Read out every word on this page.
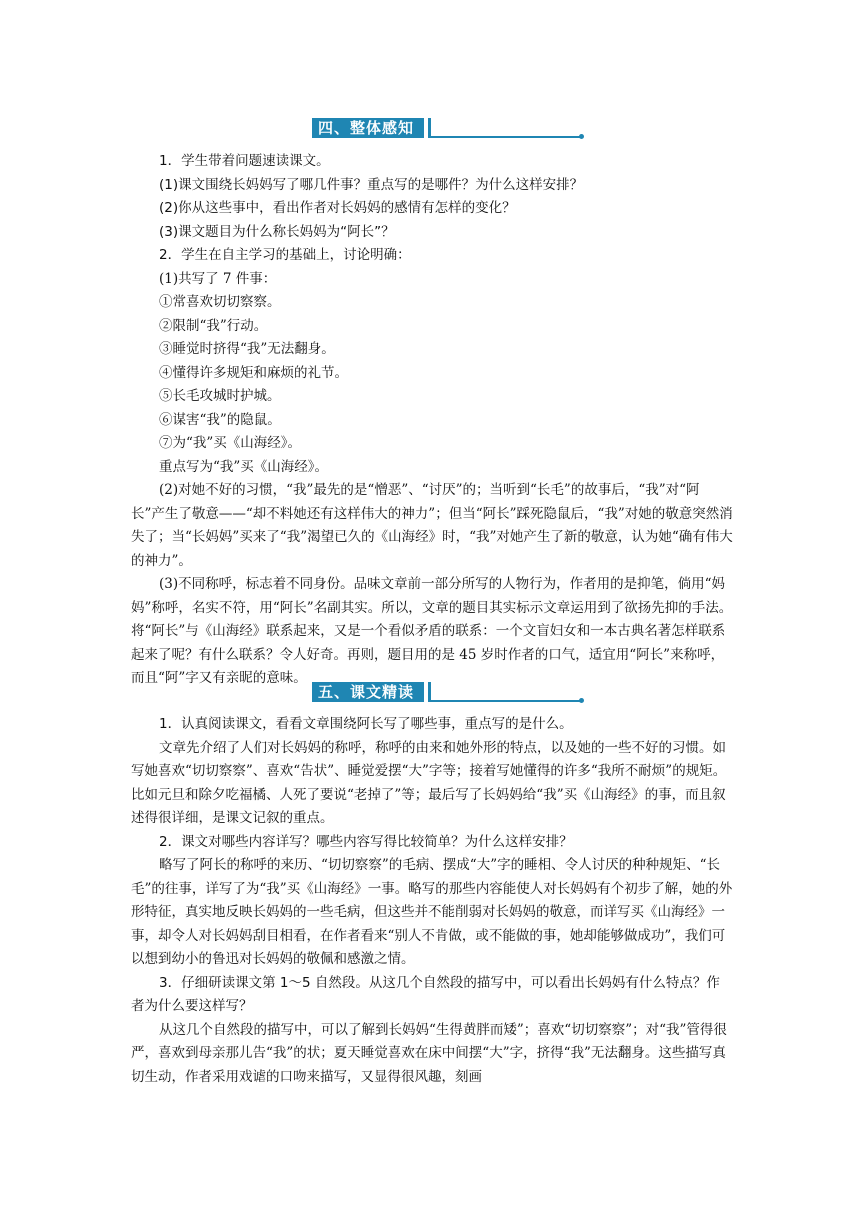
四、整体感知

1．学生带着问题速读课文。

(1)课文围绕长妈妈写了哪几件事？重点写的是哪件？为什么这样安排？

(2)你从这些事中，看出作者对长妈妈的感情有怎样的变化？

(3)课文题目为什么称长妈妈为“阿长”？

2．学生在自主学习的基础上，讨论明确：

(1)共写了 7 件事：

①常喜欢切切察察。

②限制“我”行动。

③睡觉时挤得“我”无法翻身。

④懂得许多规矩和麻烦的礼节。

⑤长毛攻城时护城。

⑥谋害“我”的隐鼠。

⑦为“我”买《山海经》。

重点写为“我”买《山海经》。

(2)对她不好的习惯，“我”最先的是“憎恶”、“讨厌”的；当听到“长毛”的故事后，“我”对“阿长”产生了敬意——“却不料她还有这样伟大的神力”；但当“阿长”踩死隐鼠后，“我”对她的敬意突然消失了；当“长妈妈”买来了“我”渴望已久的《山海经》时，“我”对她产生了新的敬意，认为她“确有伟大的神力”。

(3)不同称呼，标志着不同身份。品味文章前一部分所写的人物行为，作者用的是抑笔，倘用“妈妈”称呼，名实不符，用“阿长”名副其实。所以，文章的题目其实标示文章运用到了欲扬先抑的手法。将“阿长”与《山海经》联系起来，又是一个看似矛盾的联系：一个文盲妇女和一本古典名著怎样联系起来了呢？有什么联系？令人好奇。再则，题目用的是 45 岁时作者的口气，适宜用“阿长”来称呼，而且“阿”字又有亲昵的意味。

五、课文精读

1．认真阅读课文，看看文章围绕阿长写了哪些事，重点写的是什么。

文章先介绍了人们对长妈妈的称呼，称呼的由来和她外形的特点，以及她的一些不好的习惯。如写她喜欢“切切察察”、喜欢“告状”、睡觉爱摆“大”字等；接着写她懂得的许多“我所不耐烦”的规矩。比如元旦和除夕吃福橘、人死了要说“老掉了”等；最后写了长妈妈给“我”买《山海经》的事，而且叙述得很详细，是课文记叙的重点。

2．课文对哪些内容详写？哪些内容写得比较简单？为什么这样安排？

略写了阿长的称呼的来历、“切切察察”的毛病、摆成“大”字的睡相、令人讨厌的种种规矩、“长毛”的往事，详写了为“我”买《山海经》一事。略写的那些内容能使人对长妈妈有个初步了解，她的外形特征，真实地反映长妈妈的一些毛病，但这些并不能削弱对长妈妈的敬意，而详写买《山海经》一事，却令人对长妈妈刮目相看，在作者看来“别人不肯做，或不能做的事，她却能够做成功”，我们可以想到幼小的鲁迅对长妈妈的敬佩和感激之情。

3．仔细研读课文第 1～5 自然段。从这几个自然段的描写中，可以看出长妈妈有什么特点？作者为什么要这样写？

从这几个自然段的描写中，可以了解到长妈妈“生得黄胖而矮”；喜欢“切切察察”；对“我”管得很严，喜欢到母亲那儿告“我”的状；夏天睡觉喜欢在床中间摆“大”字，挤得“我”无法翻身。这些描写真切生动，作者采用戏谑的口吻来描写，又显得很风趣，刻画
